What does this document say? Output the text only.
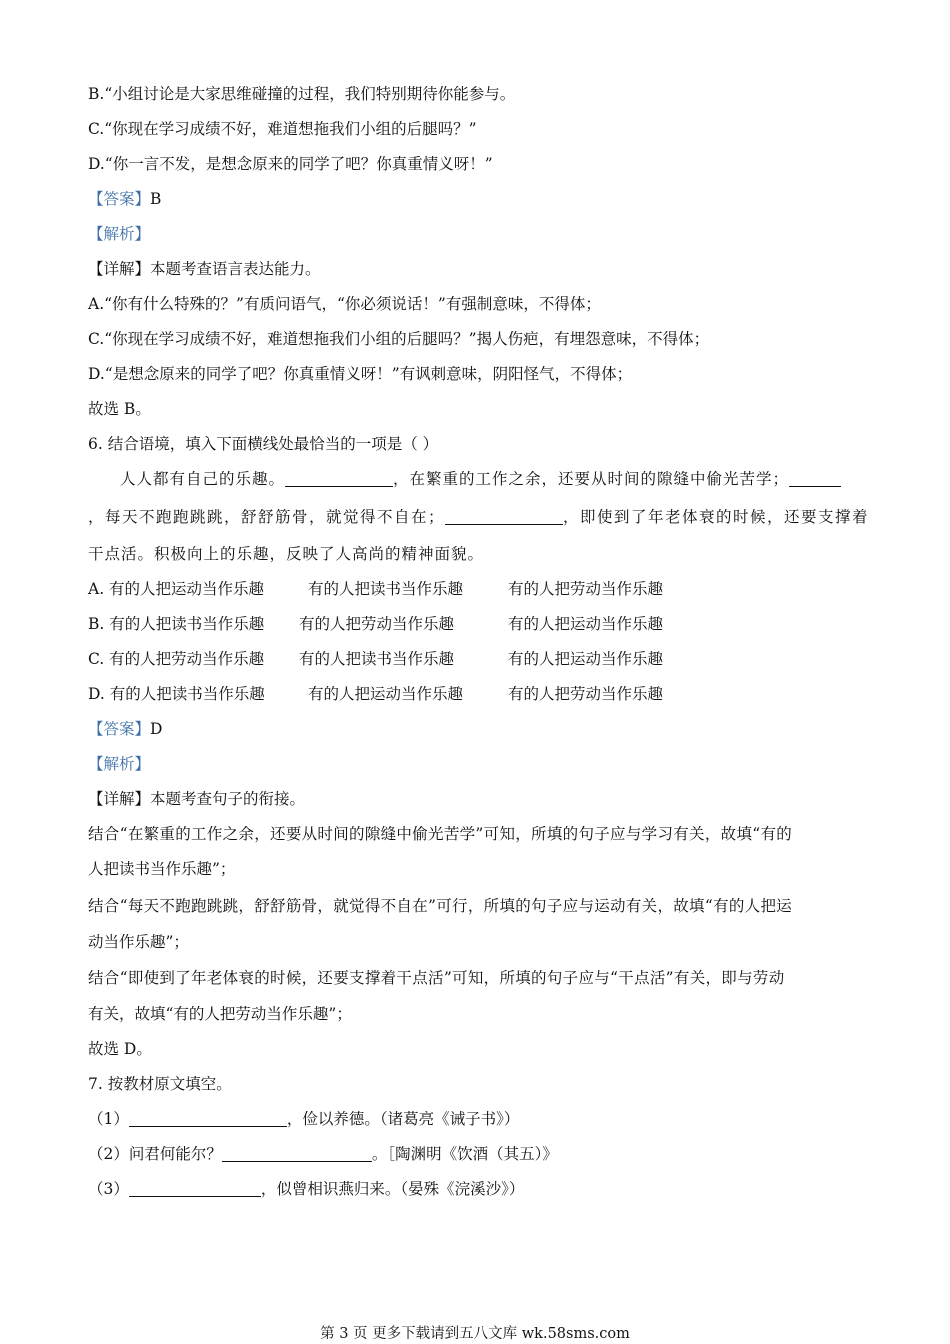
B.“小组讨论是大家思维碰撞的过程，我们特别期待你能参与。
C.“你现在学习成绩不好，难道想拖我们小组的后腿吗？”
D.“你一言不发，是想念原来的同学了吧？你真重情义呀！”
【答案】B
【解析】
【详解】本题考查语言表达能力。
A.“你有什么特殊的？”有质问语气，“你必须说话！”有强制意味，不得体；
C.“你现在学习成绩不好，难道想拖我们小组的后腿吗？”揭人伤疤，有埋怨意味，不得体；
D.“是想念原来的同学了吧？你真重情义呀！”有讽刺意味，阴阳怪气，不得体；
故选 B。
6. 结合语境，填入下面横线处最恰当的一项是（ ）
人人都有自己的乐趣。	，在繁重的工作之余，还要从时间的隙缝中偷光苦学；
，每天不跑跑跳跳，舒舒筋骨，就觉得不自在；	，即使到了年老体衰的时候，还要支撑着
干点活。积极向上的乐趣，反映了人高尚的精神面貌。
A. 有的人把运动当作乐趣	有的人把读书当作乐趣	有的人把劳动当作乐趣
B. 有的人把读书当作乐趣 有的人把劳动当作乐趣	有的人把运动当作乐趣
C. 有的人把劳动当作乐趣 有的人把读书当作乐趣	有的人把运动当作乐趣
D. 有的人把读书当作乐趣	有的人把运动当作乐趣	有的人把劳动当作乐趣
【答案】D
【解析】
【详解】本题考查句子的衔接。
结合“在繁重的工作之余，还要从时间的隙缝中偷光苦学”可知，所填的句子应与学习有关，故填“有的
人把读书当作乐趣”；
结合“每天不跑跑跳跳，舒舒筋骨，就觉得不自在”可行，所填的句子应与运动有关，故填“有的人把运
动当作乐趣”；
结合“即使到了年老体衰的时候，还要支撑着干点活”可知，所填的句子应与“干点活”有关，即与劳动
有关，故填“有的人把劳动当作乐趣”；
故选 D。
7. 按教材原文填空。
（1）	，俭以养德。（诸葛亮《诫子书》）
（2）问君何能尔？	。［陶渊明《饮酒（其五）》
（3）	，似曾相识燕归来。（晏殊《浣溪沙》）
第 3 页 更多下载请到五八文库 wk.58sms.com
